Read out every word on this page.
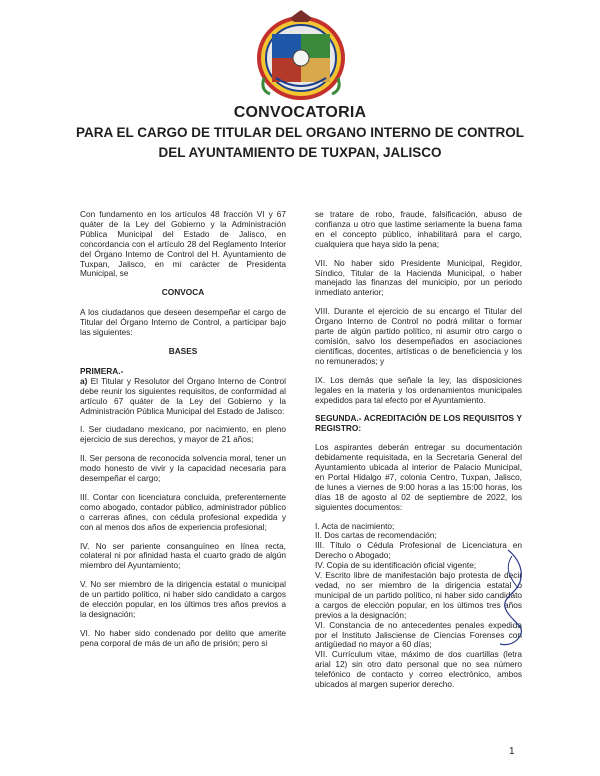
CONVOCATORIA
PARA EL CARGO DE TITULAR DEL ORGANO INTERNO DE CONTROL
DEL AYUNTAMIENTO DE TUXPAN, JALISCO

Con fundamento en los artículos 48 fracción VI y 67 quáter de la Ley del Gobierno y la Administración Pública Municipal del Estado de Jalisco, en concordancia con el artículo 28 del Reglamento Interior del Órgano Interno de Control del H. Ayuntamiento de Tuxpan, Jalisco, en mi carácter de Presidenta Municipal, se

CONVOCA

A los ciudadanos que deseen desempeñar el cargo de Titular del Órgano Interno de Control, a participar bajo las siguientes:

BASES
PRIMERA.-

a) El Titular y Resolutor del Órgano Interno de Control debe reunir los siguientes requisitos, de conformidad al artículo 67 quáter de la Ley del Gobierno y la Administración Pública Municipal del Estado de Jalisco:

I. Ser ciudadano mexicano, por nacimiento, en pleno ejercicio de sus derechos, y mayor de 21 años;

II. Ser persona de reconocida solvencia moral, tener un modo honesto de vivir y la capacidad necesaria para desempeñar el cargo;

III. Contar con licenciatura concluida, preferentemente como abogado, contador público, administrador público o carreras afines, con cédula profesional expedida y con al menos dos años de experiencia profesional;

IV. No ser pariente consanguíneo en línea recta, colateral ni por afinidad hasta el cuarto grado de algún miembro del Ayuntamiento;

V. No ser miembro de la dirigencia estatal o municipal de un partido político, ni haber sido candidato a cargos de elección popular, en los últimos tres años previos a la designación;

VI. No haber sido condenado por delito que amerite pena corporal de más de un año de prisión; pero si

se tratare de robo, fraude, falsificación, abuso de confianza u otro que lastime seriamente la buena fama en el concepto público, inhabilitará para el cargo, cualquiera que haya sido la pena;

VII. No haber sido Presidente Municipal, Regidor, Síndico, Titular de la Hacienda Municipal, o haber manejado las finanzas del municipio, por un periodo inmediato anterior;

VIII. Durante el ejercicio de su encargo el Titular del Órgano Interno de Control no podrá militar o formar parte de algún partido político, ni asumir otro cargo o comisión, salvo los desempeñados en asociaciones científicas, docentes, artísticas o de beneficiencia y los no remunerados; y

IX. Los demás que señale la ley, las disposiciones legales en la materia y los ordenamientos municipales expedidos para tal efecto por el Ayuntamiento.

SEGUNDA.- ACREDITACIÓN DE LOS REQUISITOS Y REGISTRO:

Los aspirantes deberán entregar su documentación debidamente requisitada, en la Secretaria General del Ayuntamiento ubicada al interior de Palacio Municipal, en Portal Hidalgo #7, colonia Centro, Tuxpan, Jalisco, de lunes a viernes de 9:00 horas a las 15:00 horas, los días 18 de agosto al 02 de septiembre de 2022, los siguientes documentos:

I. Acta de nacimiento;

II. Dos cartas de recomendación;

III. Título o Cédula Profesional de Licenciatura en Derecho o Abogado;

IV. Copia de su identificación oficial vigente;

V. Escrito libre de manifestación bajo protesta de decir vedad, no ser miembro de la dirigencia estatal o municipal de un partido político, ni haber sido candidato a cargos de elección popular, en los últimos tres años previos a la designación;

VI. Constancia de no antecedentes penales expedida por el Instituto Jalisciense de Ciencias Forenses con antigüedad no mayor a 60 días;

VII. Currículum vitae, máximo de dos cuartillas (letra arial 12) sin otro dato personal que no sea número telefónico de contacto y correo electrónico, ambos ubicados al margen superior derecho.

1
